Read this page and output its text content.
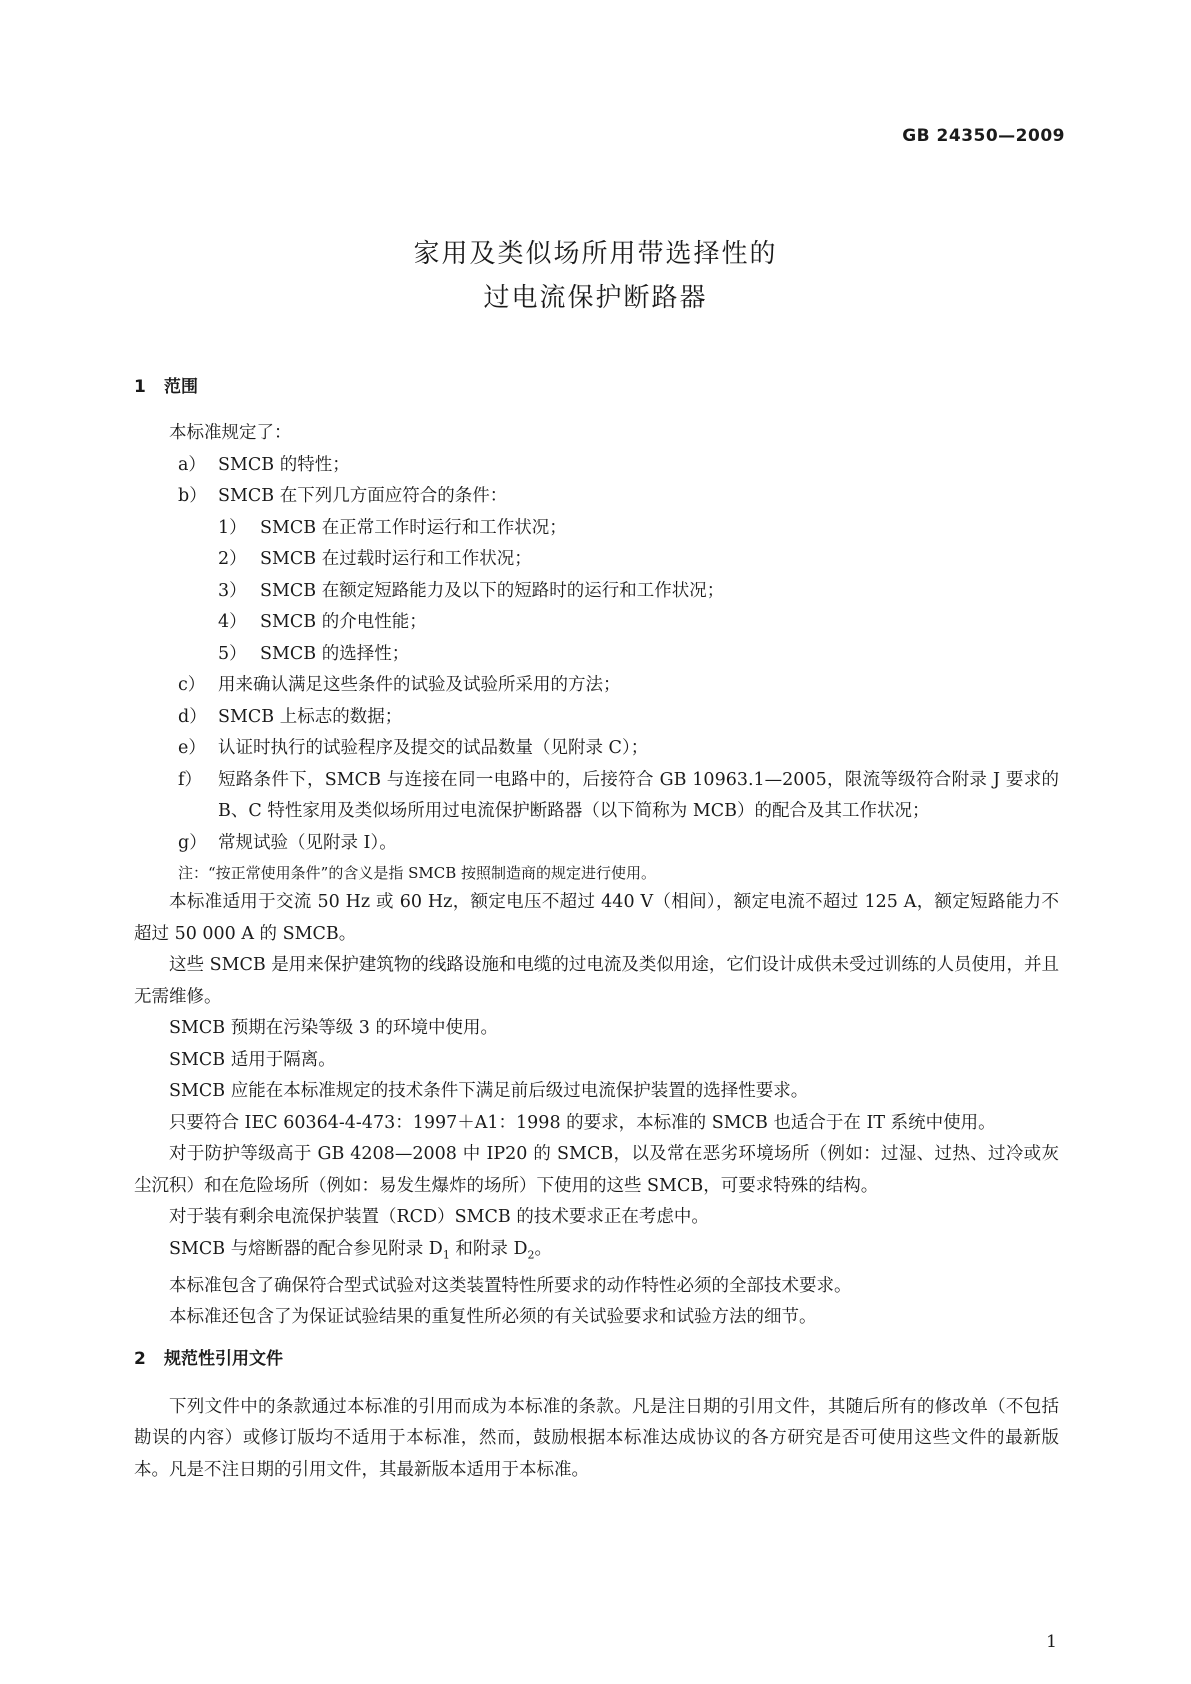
GB 24350—2009
家用及类似场所用带选择性的
过电流保护断路器
1 范围
本标准规定了：
a） SMCB 的特性；
b） SMCB 在下列几方面应符合的条件：
1） SMCB 在正常工作时运行和工作状况；
2） SMCB 在过载时运行和工作状况；
3） SMCB 在额定短路能力及以下的短路时的运行和工作状况；
4） SMCB 的介电性能；
5） SMCB 的选择性；
c） 用来确认满足这些条件的试验及试验所采用的方法；
d） SMCB 上标志的数据；
e） 认证时执行的试验程序及提交的试品数量（见附录 C）；
f） 短路条件下，SMCB 与连接在同一电路中的，后接符合 GB 10963.1—2005，限流等级符合附录 J 要求的 B、C 特性家用及类似场所用过电流保护断路器（以下简称为 MCB）的配合及其工作状况；
g） 常规试验（见附录 I）。
注：“按正常使用条件”的含义是指 SMCB 按照制造商的规定进行使用。
本标准适用于交流 50 Hz 或 60 Hz，额定电压不超过 440 V（相间），额定电流不超过 125 A，额定短路能力不超过 50 000 A 的 SMCB。
这些 SMCB 是用来保护建筑物的线路设施和电缆的过电流及类似用途，它们设计成供未受过训练的人员使用，并且无需维修。
SMCB 预期在污染等级 3 的环境中使用。
SMCB 适用于隔离。
SMCB 应能在本标准规定的技术条件下满足前后级过电流保护装置的选择性要求。
只要符合 IEC 60364-4-473：1997＋A1：1998 的要求，本标准的 SMCB 也适合于在 IT 系统中使用。
对于防护等级高于 GB 4208—2008 中 IP20 的 SMCB，以及常在恶劣环境场所（例如：过湿、过热、过冷或灰尘沉积）和在危险场所（例如：易发生爆炸的场所）下使用的这些 SMCB，可要求特殊的结构。
对于装有剩余电流保护装置（RCD）SMCB 的技术要求正在考虑中。
SMCB 与熔断器的配合参见附录 $D_1$ 和附录 $D_2$。
本标准包含了确保符合型式试验对这类装置特性所要求的动作特性必须的全部技术要求。
本标准还包含了为保证试验结果的重复性所必须的有关试验要求和试验方法的细节。
2 规范性引用文件
下列文件中的条款通过本标准的引用而成为本标准的条款。凡是注日期的引用文件，其随后所有的修改单（不包括勘误的内容）或修订版均不适用于本标准，然而，鼓励根据本标准达成协议的各方研究是否可使用这些文件的最新版本。凡是不注日期的引用文件，其最新版本适用于本标准。
1
